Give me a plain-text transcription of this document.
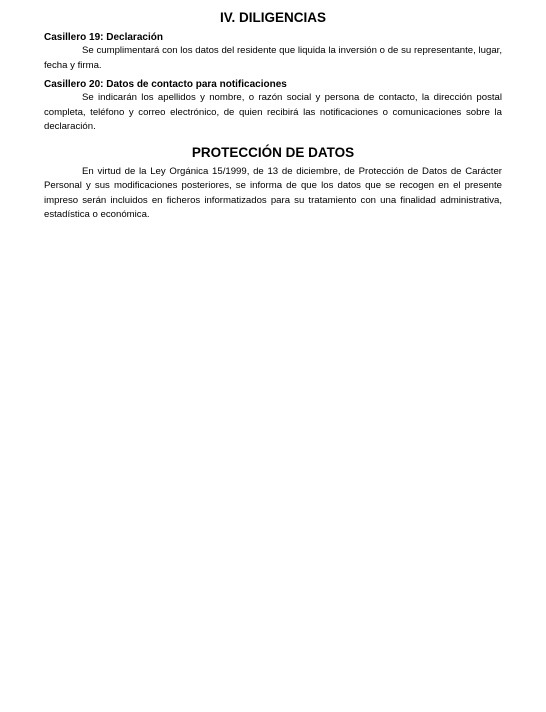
IV. DILIGENCIAS

Casillero 19: Declaración

Se cumplimentará con los datos del residente que liquida la inversión o de su representante, lugar, fecha y firma.

Casillero 20: Datos de contacto para notificaciones

Se indicarán los apellidos y nombre, o razón social y persona de contacto, la dirección postal completa, teléfono y correo electrónico, de quien recibirá las notificaciones o comunicaciones sobre la declaración.

PROTECCIÓN DE DATOS

En virtud de la Ley Orgánica 15/1999, de 13 de diciembre, de Protección de Datos de Carácter Personal y sus modificaciones posteriores, se informa de que los datos que se recogen en el presente impreso serán incluidos en ficheros informatizados para su tratamiento con una finalidad administrativa, estadística o económica.
